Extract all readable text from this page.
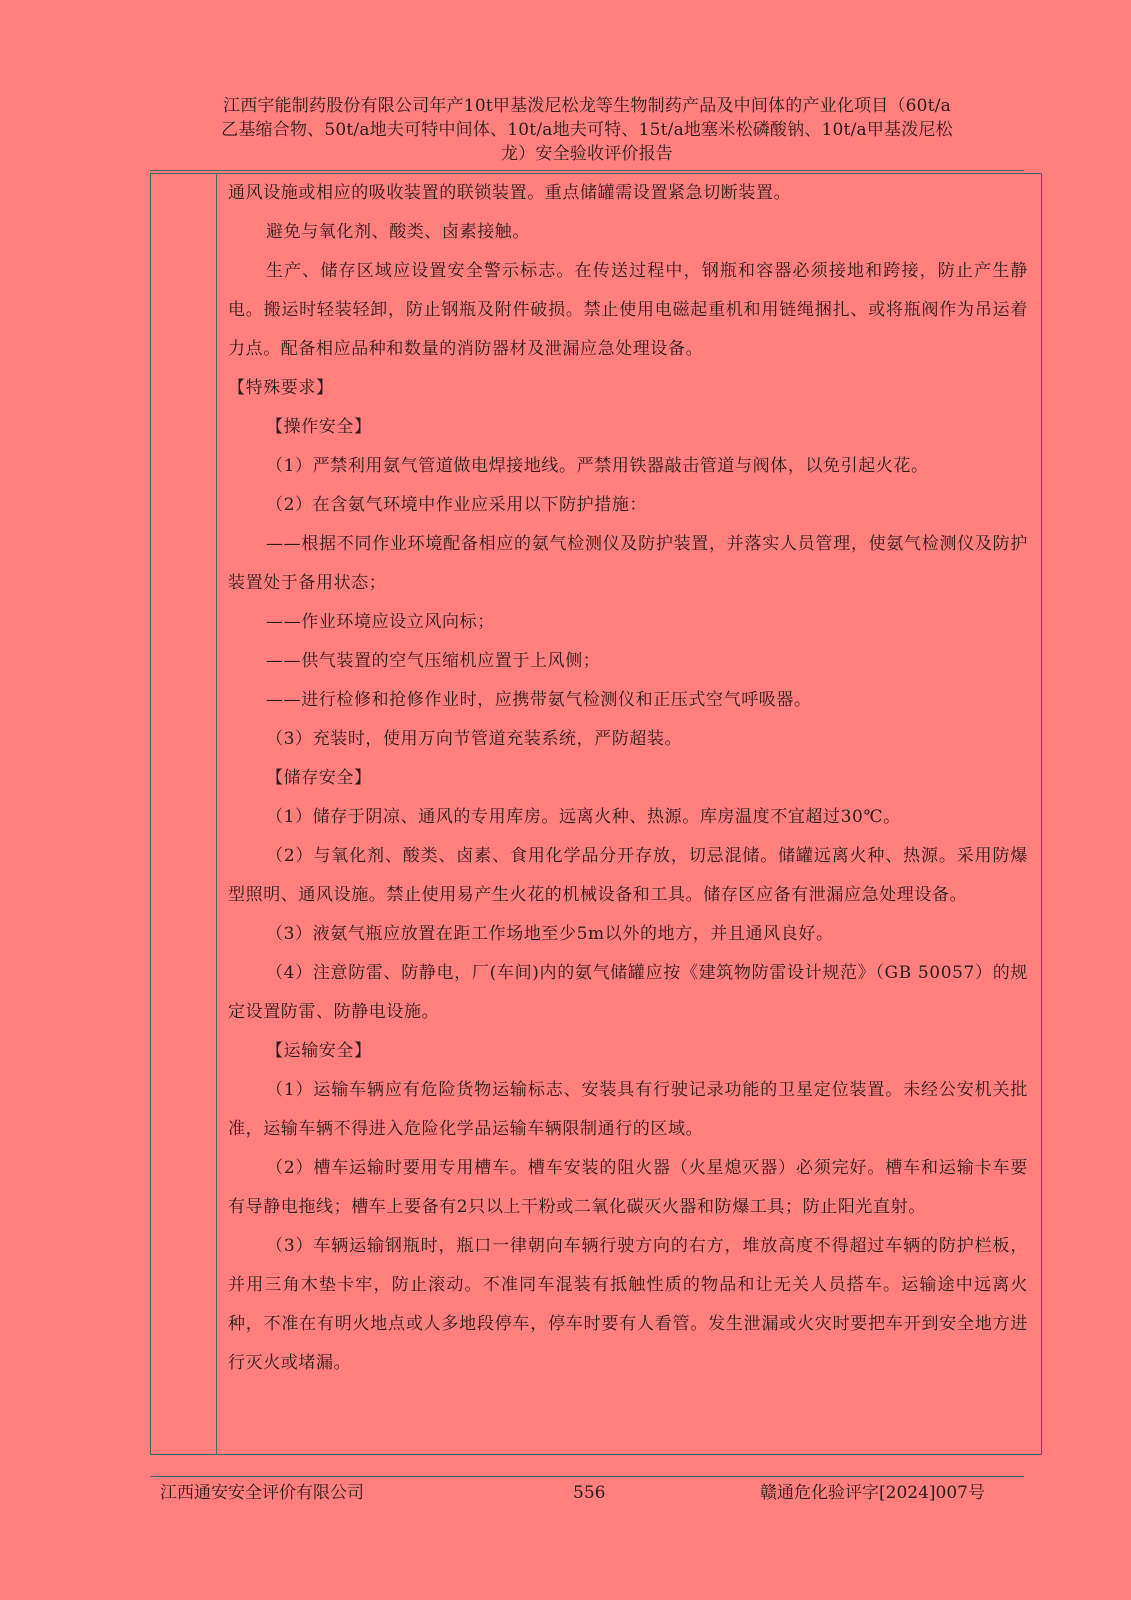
江西宇能制药股份有限公司年产10t甲基泼尼松龙等生物制药产品及中间体的产业化项目（60t/a
乙基缩合物、50t/a地夫可特中间体、10t/a地夫可特、15t/a地塞米松磷酸钠、10t/a甲基泼尼松
龙）安全验收评价报告

通风设施或相应的吸收装置的联锁装置。重点储罐需设置紧急切断装置。

避免与氧化剂、酸类、卤素接触。

生产、储存区域应设置安全警示标志。在传送过程中，钢瓶和容器必须接地和跨接，防止产生静电。搬运时轻装轻卸，防止钢瓶及附件破损。禁止使用电磁起重机和用链绳捆扎、或将瓶阀作为吊运着力点。配备相应品种和数量的消防器材及泄漏应急处理设备。

【特殊要求】

【操作安全】

（1）严禁利用氨气管道做电焊接地线。严禁用铁器敲击管道与阀体，以免引起火花。

（2）在含氨气环境中作业应采用以下防护措施：

——根据不同作业环境配备相应的氨气检测仪及防护装置，并落实人员管理，使氨气检测仪及防护装置处于备用状态；

——作业环境应设立风向标；

——供气装置的空气压缩机应置于上风侧；

——进行检修和抢修作业时，应携带氨气检测仪和正压式空气呼吸器。

（3）充装时，使用万向节管道充装系统，严防超装。

【储存安全】

（1）储存于阴凉、通风的专用库房。远离火种、热源。库房温度不宜超过30℃。

（2）与氧化剂、酸类、卤素、食用化学品分开存放，切忌混储。储罐远离火种、热源。采用防爆型照明、通风设施。禁止使用易产生火花的机械设备和工具。储存区应备有泄漏应急处理设备。

（3）液氨气瓶应放置在距工作场地至少5m以外的地方，并且通风良好。

（4）注意防雷、防静电，厂(车间)内的氨气储罐应按《建筑物防雷设计规范》（GB 50057）的规定设置防雷、防静电设施。

【运输安全】

（1）运输车辆应有危险货物运输标志、安装具有行驶记录功能的卫星定位装置。未经公安机关批准，运输车辆不得进入危险化学品运输车辆限制通行的区域。

（2）槽车运输时要用专用槽车。槽车安装的阻火器（火星熄灭器）必须完好。槽车和运输卡车要有导静电拖线；槽车上要备有2只以上干粉或二氧化碳灭火器和防爆工具；防止阳光直射。

（3）车辆运输钢瓶时，瓶口一律朝向车辆行驶方向的右方，堆放高度不得超过车辆的防护栏板，并用三角木垫卡牢，防止滚动。不准同车混装有抵触性质的物品和让无关人员搭车。运输途中远离火种，不准在有明火地点或人多地段停车，停车时要有人看管。发生泄漏或火灾时要把车开到安全地方进行灭火或堵漏。

江西通安安全评价有限公司	556	赣通危化验评字[2024]007号
